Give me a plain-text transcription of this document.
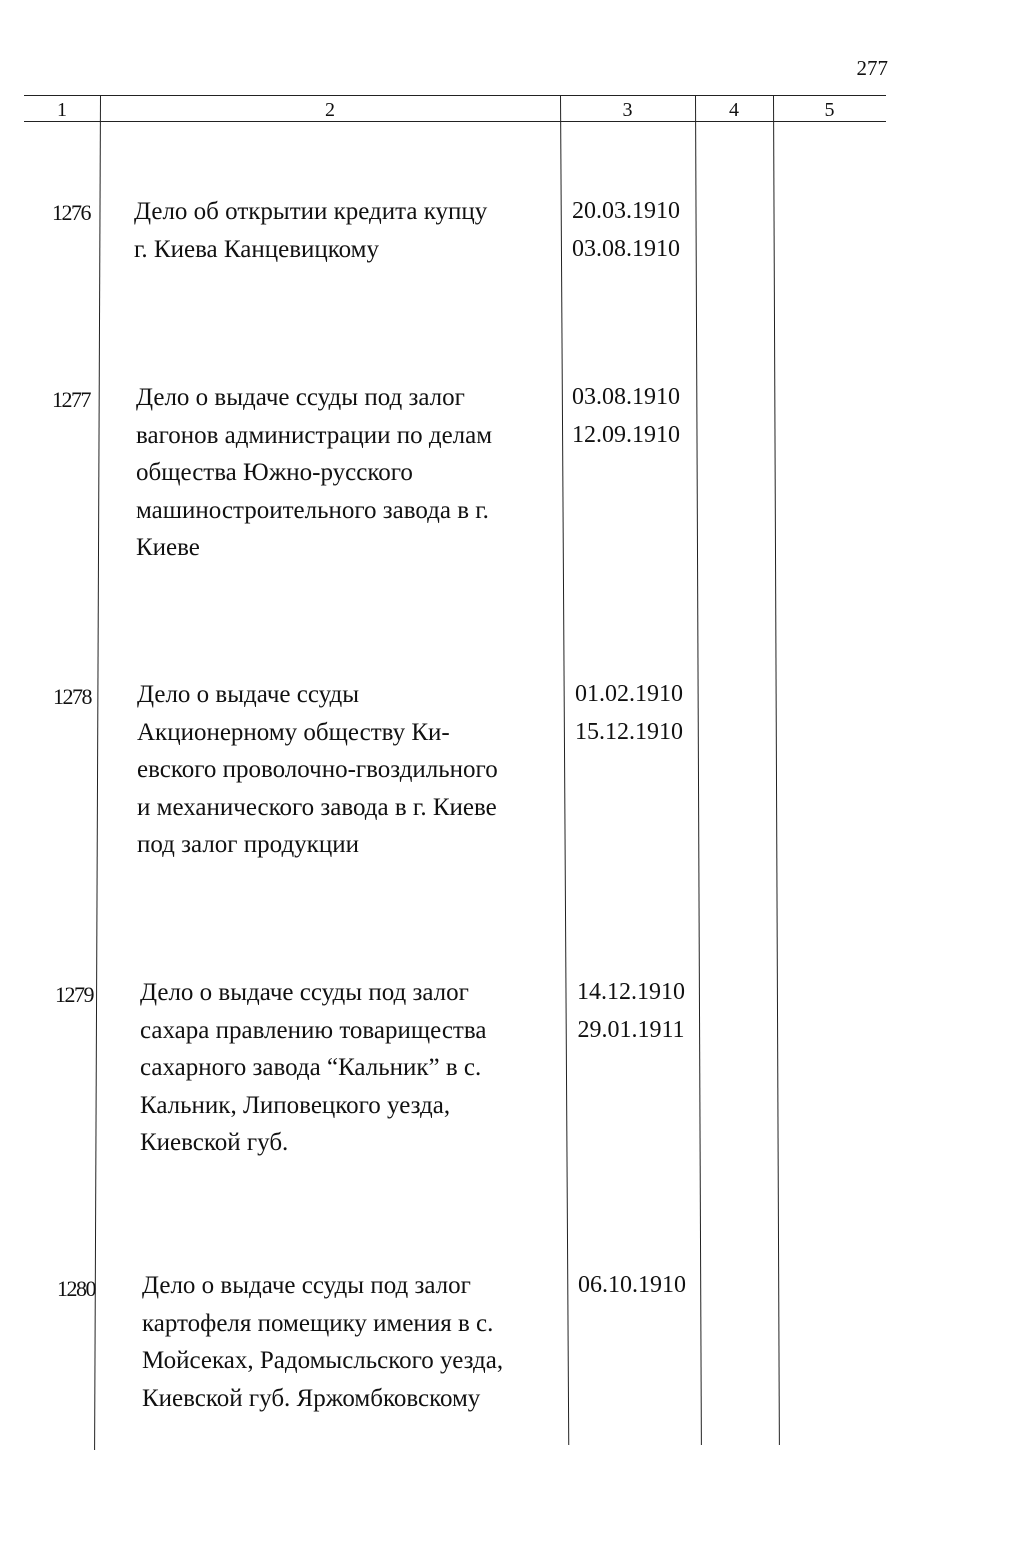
277
1	2	3	4	5
1276 Дело об открытии кредита купцу
г. Киева Канцевицкому
20.03.1910
03.08.1910
1277 Дело о выдаче ссуды под залог
вагонов администрации по делам
общества Южно-русского
машиностроительного завода в г.
Киеве
03.08.1910
12.09.1910
1278 Дело о выдаче ссуды
Акционерному обществу Ки-
евского проволочно-гвоздильного
и механического завода в г. Киеве
под залог продукции
01.02.1910
15.12.1910
1279 Дело о выдаче ссуды под залог
сахара правлению товарищества
сахарного завода “Кальник” в с.
Кальник, Липовецкого уезда,
Киевской губ.
14.12.1910
29.01.1911
1280 Дело о выдаче ссуды под залог
картофеля помещику имения в с.
Мойсеках, Радомысльского уезда,
Киевской губ. Яржомбковскому
06.10.1910
